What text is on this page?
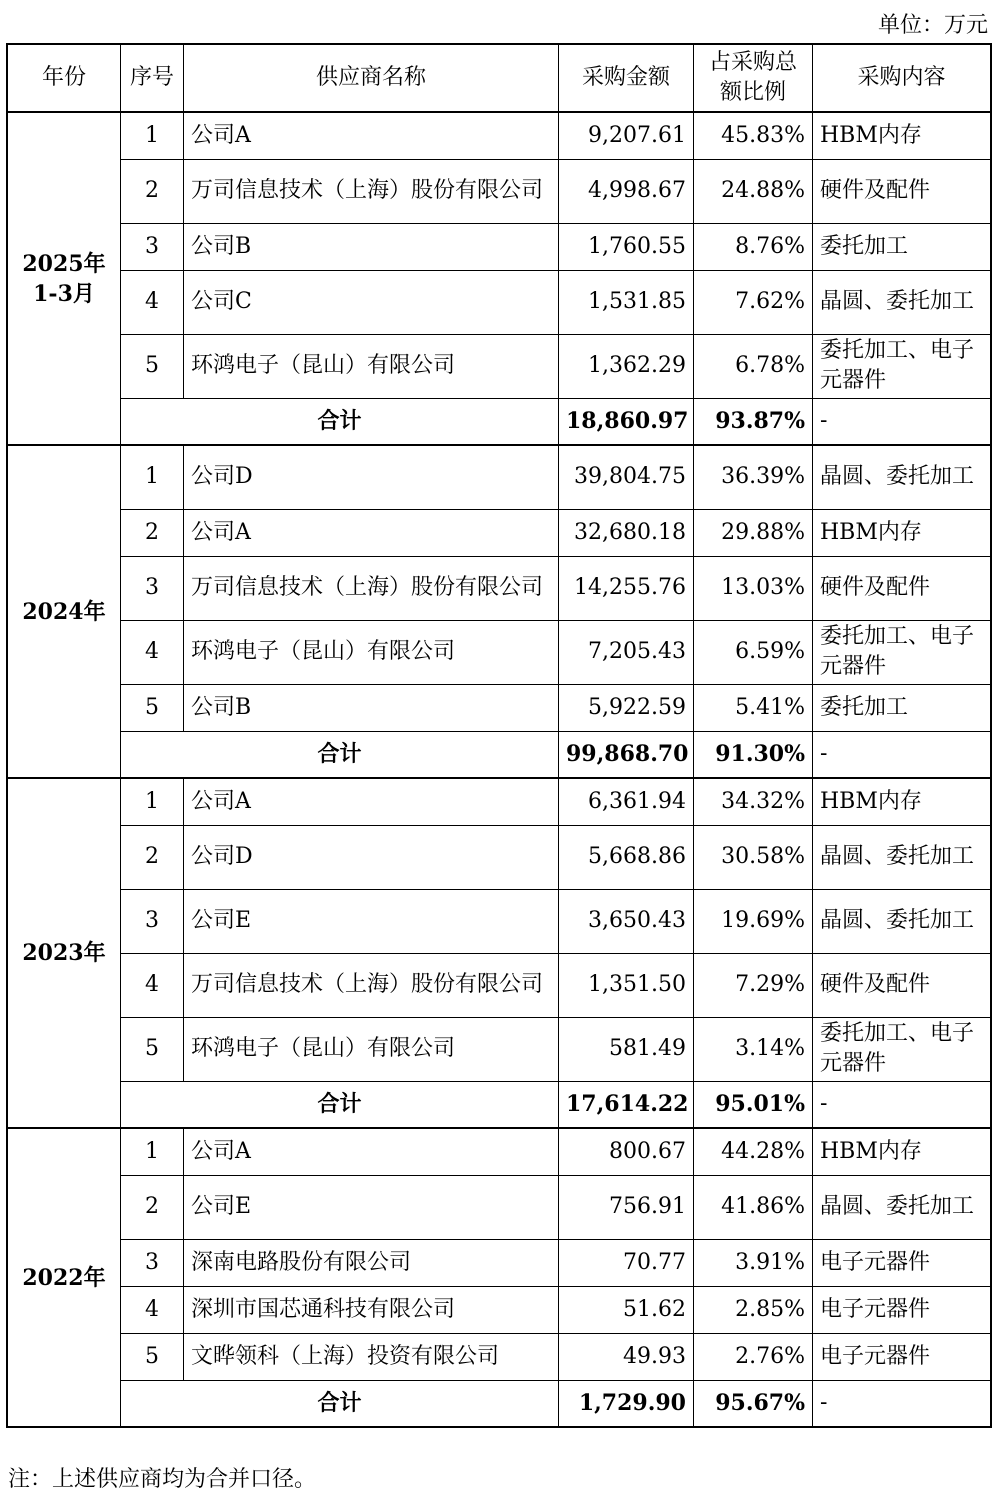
单位：万元
年份	序号	供应商名称	采购金额	占采购总额比例	采购内容
2025年 1-3月	1	公司A	9,207.61	45.83%	HBM内存
	2	万司信息技术（上海）股份有限公司	4,998.67	24.88%	硬件及配件
	3	公司B	1,760.55	8.76%	委托加工
	4	公司C	1,531.85	7.62%	晶圆、委托加工
	5	环鸿电子（昆山）有限公司	1,362.29	6.78%	委托加工、电子元器件
	合计		18,860.97	93.87%	-
2024年	1	公司D	39,804.75	36.39%	晶圆、委托加工
	2	公司A	32,680.18	29.88%	HBM内存
	3	万司信息技术（上海）股份有限公司	14,255.76	13.03%	硬件及配件
	4	环鸿电子（昆山）有限公司	7,205.43	6.59%	委托加工、电子元器件
	5	公司B	5,922.59	5.41%	委托加工
	合计		99,868.70	91.30%	-
2023年	1	公司A	6,361.94	34.32%	HBM内存
	2	公司D	5,668.86	30.58%	晶圆、委托加工
	3	公司E	3,650.43	19.69%	晶圆、委托加工
	4	万司信息技术（上海）股份有限公司	1,351.50	7.29%	硬件及配件
	5	环鸿电子（昆山）有限公司	581.49	3.14%	委托加工、电子元器件
	合计		17,614.22	95.01%	-
2022年	1	公司A	800.67	44.28%	HBM内存
	2	公司E	756.91	41.86%	晶圆、委托加工
	3	深南电路股份有限公司	70.77	3.91%	电子元器件
	4	深圳市国芯通科技有限公司	51.62	2.85%	电子元器件
	5	文晔领科（上海）投资有限公司	49.93	2.76%	电子元器件
	合计		1,729.90	95.67%	-
注：上述供应商均为合并口径。
